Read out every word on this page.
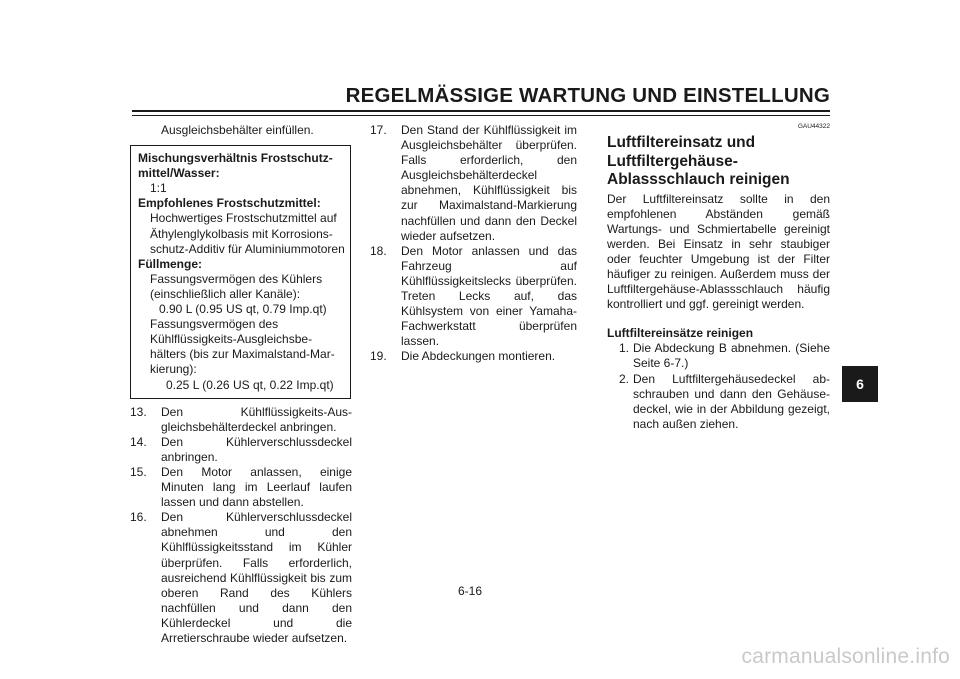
REGELMÄSSIGE WARTUNG UND EINSTELLUNG
Ausgleichsbehälter einfüllen.
Mischungsverhältnis Frostschutz-
mittel/Wasser:
1:1
Empfohlenes Frostschutzmittel:
Hochwertiges Frostschutzmittel auf
Äthylenglykolbasis mit Korrosions-
schutz-Additiv für Aluminiummotoren
Füllmenge:
Fassungsvermögen des Kühlers
(einschließlich aller Kanäle):
0.90 L (0.95 US qt, 0.79 Imp.qt)
Fassungsvermögen des
Kühlflüssigkeits-Ausgleichsbe-
hälters (bis zur Maximalstand-Mar-
kierung):
0.25 L (0.26 US qt, 0.22 Imp.qt)
13. Den Kühlflüssigkeits-Ausgleichsbehälterdeckel anbringen.
14. Den Kühlerverschlussdeckel anbringen.
15. Den Motor anlassen, einige Minuten lang im Leerlauf laufen lassen und dann abstellen.
16. Den Kühlerverschlussdeckel abnehmen und den Kühlflüssigkeitsstand im Kühler überprüfen. Falls erforderlich, ausreichend Kühlflüssigkeit bis zum oberen Rand des Kühlers nachfüllen und dann den Kühlerdeckel und die Arretierschraube wieder aufsetzen.
17. Den Stand der Kühlflüssigkeit im Ausgleichsbehälter überprüfen. Falls erforderlich, den Ausgleichsbehälterdeckel abnehmen, Kühlflüssigkeit bis zur Maximalstand-Markierung nachfüllen und dann den Deckel wieder aufsetzen.
18. Den Motor anlassen und das Fahrzeug auf Kühlflüssigkeitslecks überprüfen. Treten Lecks auf, das Kühlsystem von einer Yamaha-Fachwerkstatt überprüfen lassen.
19. Die Abdeckungen montieren.
GAU44322
Luftfiltereinsatz und Luftfiltergehäuse-Ablassschlauch reinigen
Der Luftfiltereinsatz sollte in den empfohlenen Abständen gemäß Wartungs- und Schmiertabelle gereinigt werden. Bei Einsatz in sehr staubiger oder feuchter Umgebung ist der Filter häufiger zu reinigen. Außerdem muss der Luftfiltergehäuse-Ablassschlauch häufig kontrolliert und ggf. gereinigt werden.
Luftfiltereinsätze reinigen
1. Die Abdeckung B abnehmen. (Siehe Seite 6-7.)
2. Den Luftfiltergehäusedeckel abschrauben und dann den Gehäusedeckel, wie in der Abbildung gezeigt, nach außen ziehen.
6
6-16
carmanualsonline.info
